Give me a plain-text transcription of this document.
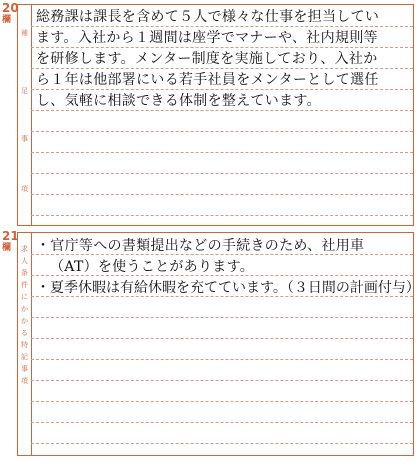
20
欄
補
足
事
項
総務課は課長を含めて５人で様々な仕事を担当してい
ます。入社から１週間は座学でマナーや、社内規則等
を研修します。メンター制度を実施しており、入社か
ら１年は他部署にいる若手社員をメンターとして選任
し、気軽に相談できる体制を整えています。
21
欄	求
人
条
件
に
か
か
る
特
記
事
項
・官庁等への書類提出などの手続きのため、社用車
（AT）を使うことがあります。
・夏季休暇は有給休暇を充てています。（３日間の計画付与）
